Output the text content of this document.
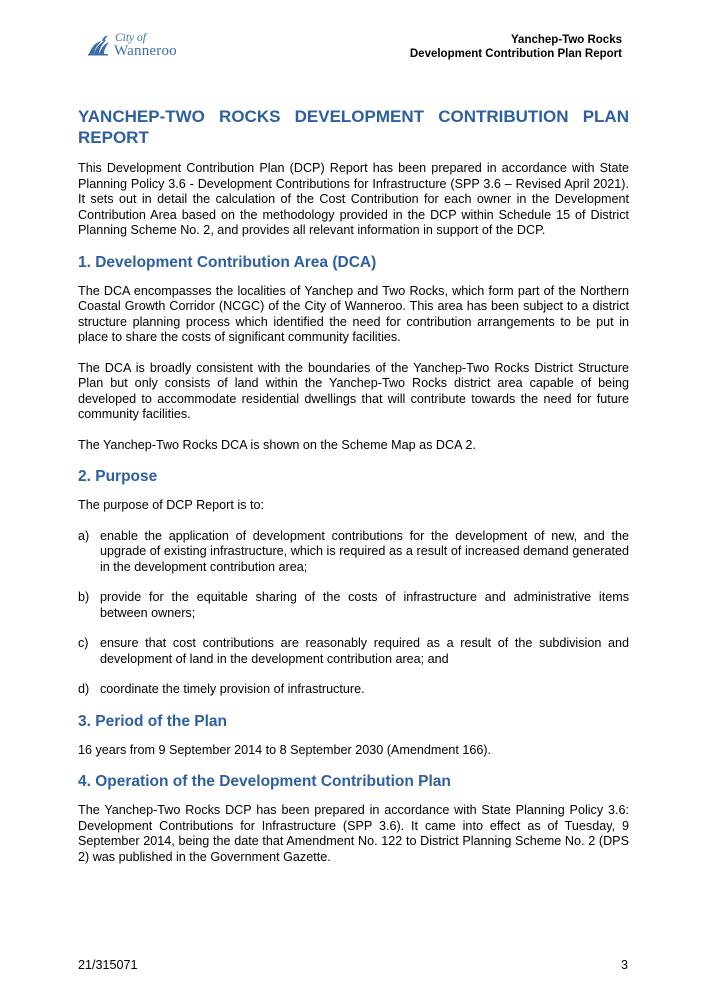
City of
Wanneroo
Yanchep-Two Rocks
Development Contribution Plan Report
YANCHEP-TWO ROCKS DEVELOPMENT CONTRIBUTION PLAN REPORT

This Development Contribution Plan (DCP) Report has been prepared in accordance with State Planning Policy 3.6 - Development Contributions for Infrastructure (SPP 3.6 – Revised April 2021). It sets out in detail the calculation of the Cost Contribution for each owner in the Development Contribution Area based on the methodology provided in the DCP within Schedule 15 of District Planning Scheme No. 2, and provides all relevant information in support of the DCP.

1. Development Contribution Area (DCA)

The DCA encompasses the localities of Yanchep and Two Rocks, which form part of the Northern Coastal Growth Corridor (NCGC) of the City of Wanneroo. This area has been subject to a district structure planning process which identified the need for contribution arrangements to be put in place to share the costs of significant community facilities.

The DCA is broadly consistent with the boundaries of the Yanchep-Two Rocks District Structure Plan but only consists of land within the Yanchep-Two Rocks district area capable of being developed to accommodate residential dwellings that will contribute towards the need for future community facilities.

The Yanchep-Two Rocks DCA is shown on the Scheme Map as DCA 2.

2. Purpose

The purpose of DCP Report is to:

a) enable the application of development contributions for the development of new, and the upgrade of existing infrastructure, which is required as a result of increased demand generated in the development contribution area;
b) provide for the equitable sharing of the costs of infrastructure and administrative items between owners;
c) ensure that cost contributions are reasonably required as a result of the subdivision and development of land in the development contribution area; and
d) coordinate the timely provision of infrastructure.
3. Period of the Plan

16 years from 9 September 2014 to 8 September 2030 (Amendment 166).

4. Operation of the Development Contribution Plan

The Yanchep-Two Rocks DCP has been prepared in accordance with State Planning Policy 3.6: Development Contributions for Infrastructure (SPP 3.6). It came into effect as of Tuesday, 9 September 2014, being the date that Amendment No. 122 to District Planning Scheme No. 2 (DPS 2) was published in the Government Gazette.

21/315071	3
